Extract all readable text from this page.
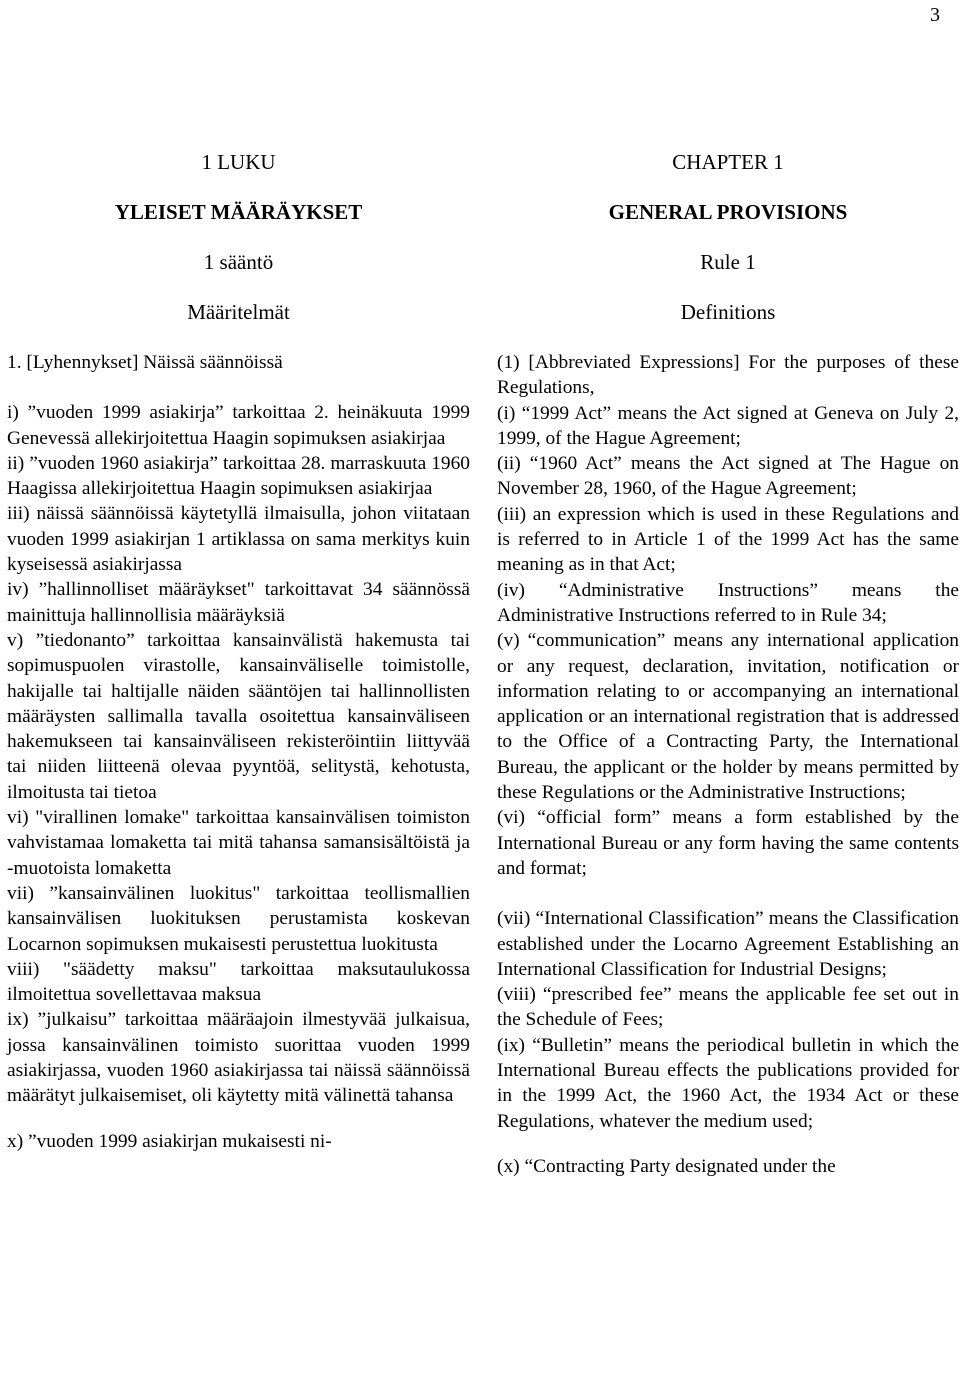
3

1 LUKU

YLEISET MÄÄRÄYKSET

1 sääntö

Määritelmät

1. [Lyhennykset] Näissä säännöissä

i) ”vuoden 1999 asiakirja” tarkoittaa 2. heinäkuuta 1999 Genevessä allekirjoitettua Haagin sopimuksen asiakirjaa

ii) ”vuoden 1960 asiakirja” tarkoittaa 28. marraskuuta 1960 Haagissa allekirjoitettua Haagin sopimuksen asiakirjaa

iii) näissä säännöissä käytetyllä ilmaisulla, johon viitataan vuoden 1999 asiakirjan 1 artiklassa on sama merkitys kuin kyseisessä asiakirjassa

iv) ”hallinnolliset määräykset" tarkoittavat 34 säännössä mainittuja hallinnollisia määräyksiä

v) ”tiedonanto” tarkoittaa kansainvälistä hakemusta tai sopimuspuolen virastolle, kansainväliselle toimistolle, hakijalle tai haltijalle näiden sääntöjen tai hallinnollisten määräysten sallimalla tavalla osoitettua kansainväliseen hakemukseen tai kansainväliseen rekisteröintiin liittyvää tai niiden liitteenä olevaa pyyntöä, selitystä, kehotusta, ilmoitusta tai tietoa

vi) "virallinen lomake" tarkoittaa kansainvälisen toimiston vahvistamaa lomaketta tai mitä tahansa samansisältöistä ja -muotoista lomaketta

vii) ”kansainvälinen luokitus" tarkoittaa teollismallien kansainvälisen luokituksen perustamista koskevan Locarnon sopimuksen mukaisesti perustettua luokitusta

viii) "säädetty maksu" tarkoittaa maksutaulukossa ilmoitettua sovellettavaa maksua

ix) ”julkaisu” tarkoittaa määräajoin ilmestyvää julkaisua, jossa kansainvälinen toimisto suorittaa vuoden 1999 asiakirjassa, vuoden 1960 asiakirjassa tai näissä säännöissä määrätyt julkaisemiset, oli käytetty mitä välinettä tahansa

x) ”vuoden 1999 asiakirjan mukaisesti ni-

CHAPTER 1

GENERAL PROVISIONS

Rule 1

Definitions

(1) [Abbreviated Expressions] For the purposes of these Regulations,

(i) “1999 Act” means the Act signed at Geneva on July 2, 1999, of the Hague Agreement;

(ii) “1960 Act” means the Act signed at The Hague on November 28, 1960, of the Hague Agreement;

(iii) an expression which is used in these Regulations and is referred to in Article 1 of the 1999 Act has the same meaning as in that Act;

(iv) “Administrative Instructions” means the Administrative Instructions referred to in Rule 34;

(v) “communication” means any international application or any request, declaration, invitation, notification or information relating to or accompanying an international application or an international registration that is addressed to the Office of a Contracting Party, the International Bureau, the applicant or the holder by means permitted by these Regulations or the Administrative Instructions;

(vi) “official form” means a form established by the International Bureau or any form having the same contents and format;

(vii) “International Classification” means the Classification established under the Locarno Agreement Establishing an International Classification for Industrial Designs;

(viii) “prescribed fee” means the applicable fee set out in the Schedule of Fees;

(ix) “Bulletin” means the periodical bulletin in which the International Bureau effects the publications provided for in the 1999 Act, the 1960 Act, the 1934 Act or these Regulations, whatever the medium used;

(x) “Contracting Party designated under the
